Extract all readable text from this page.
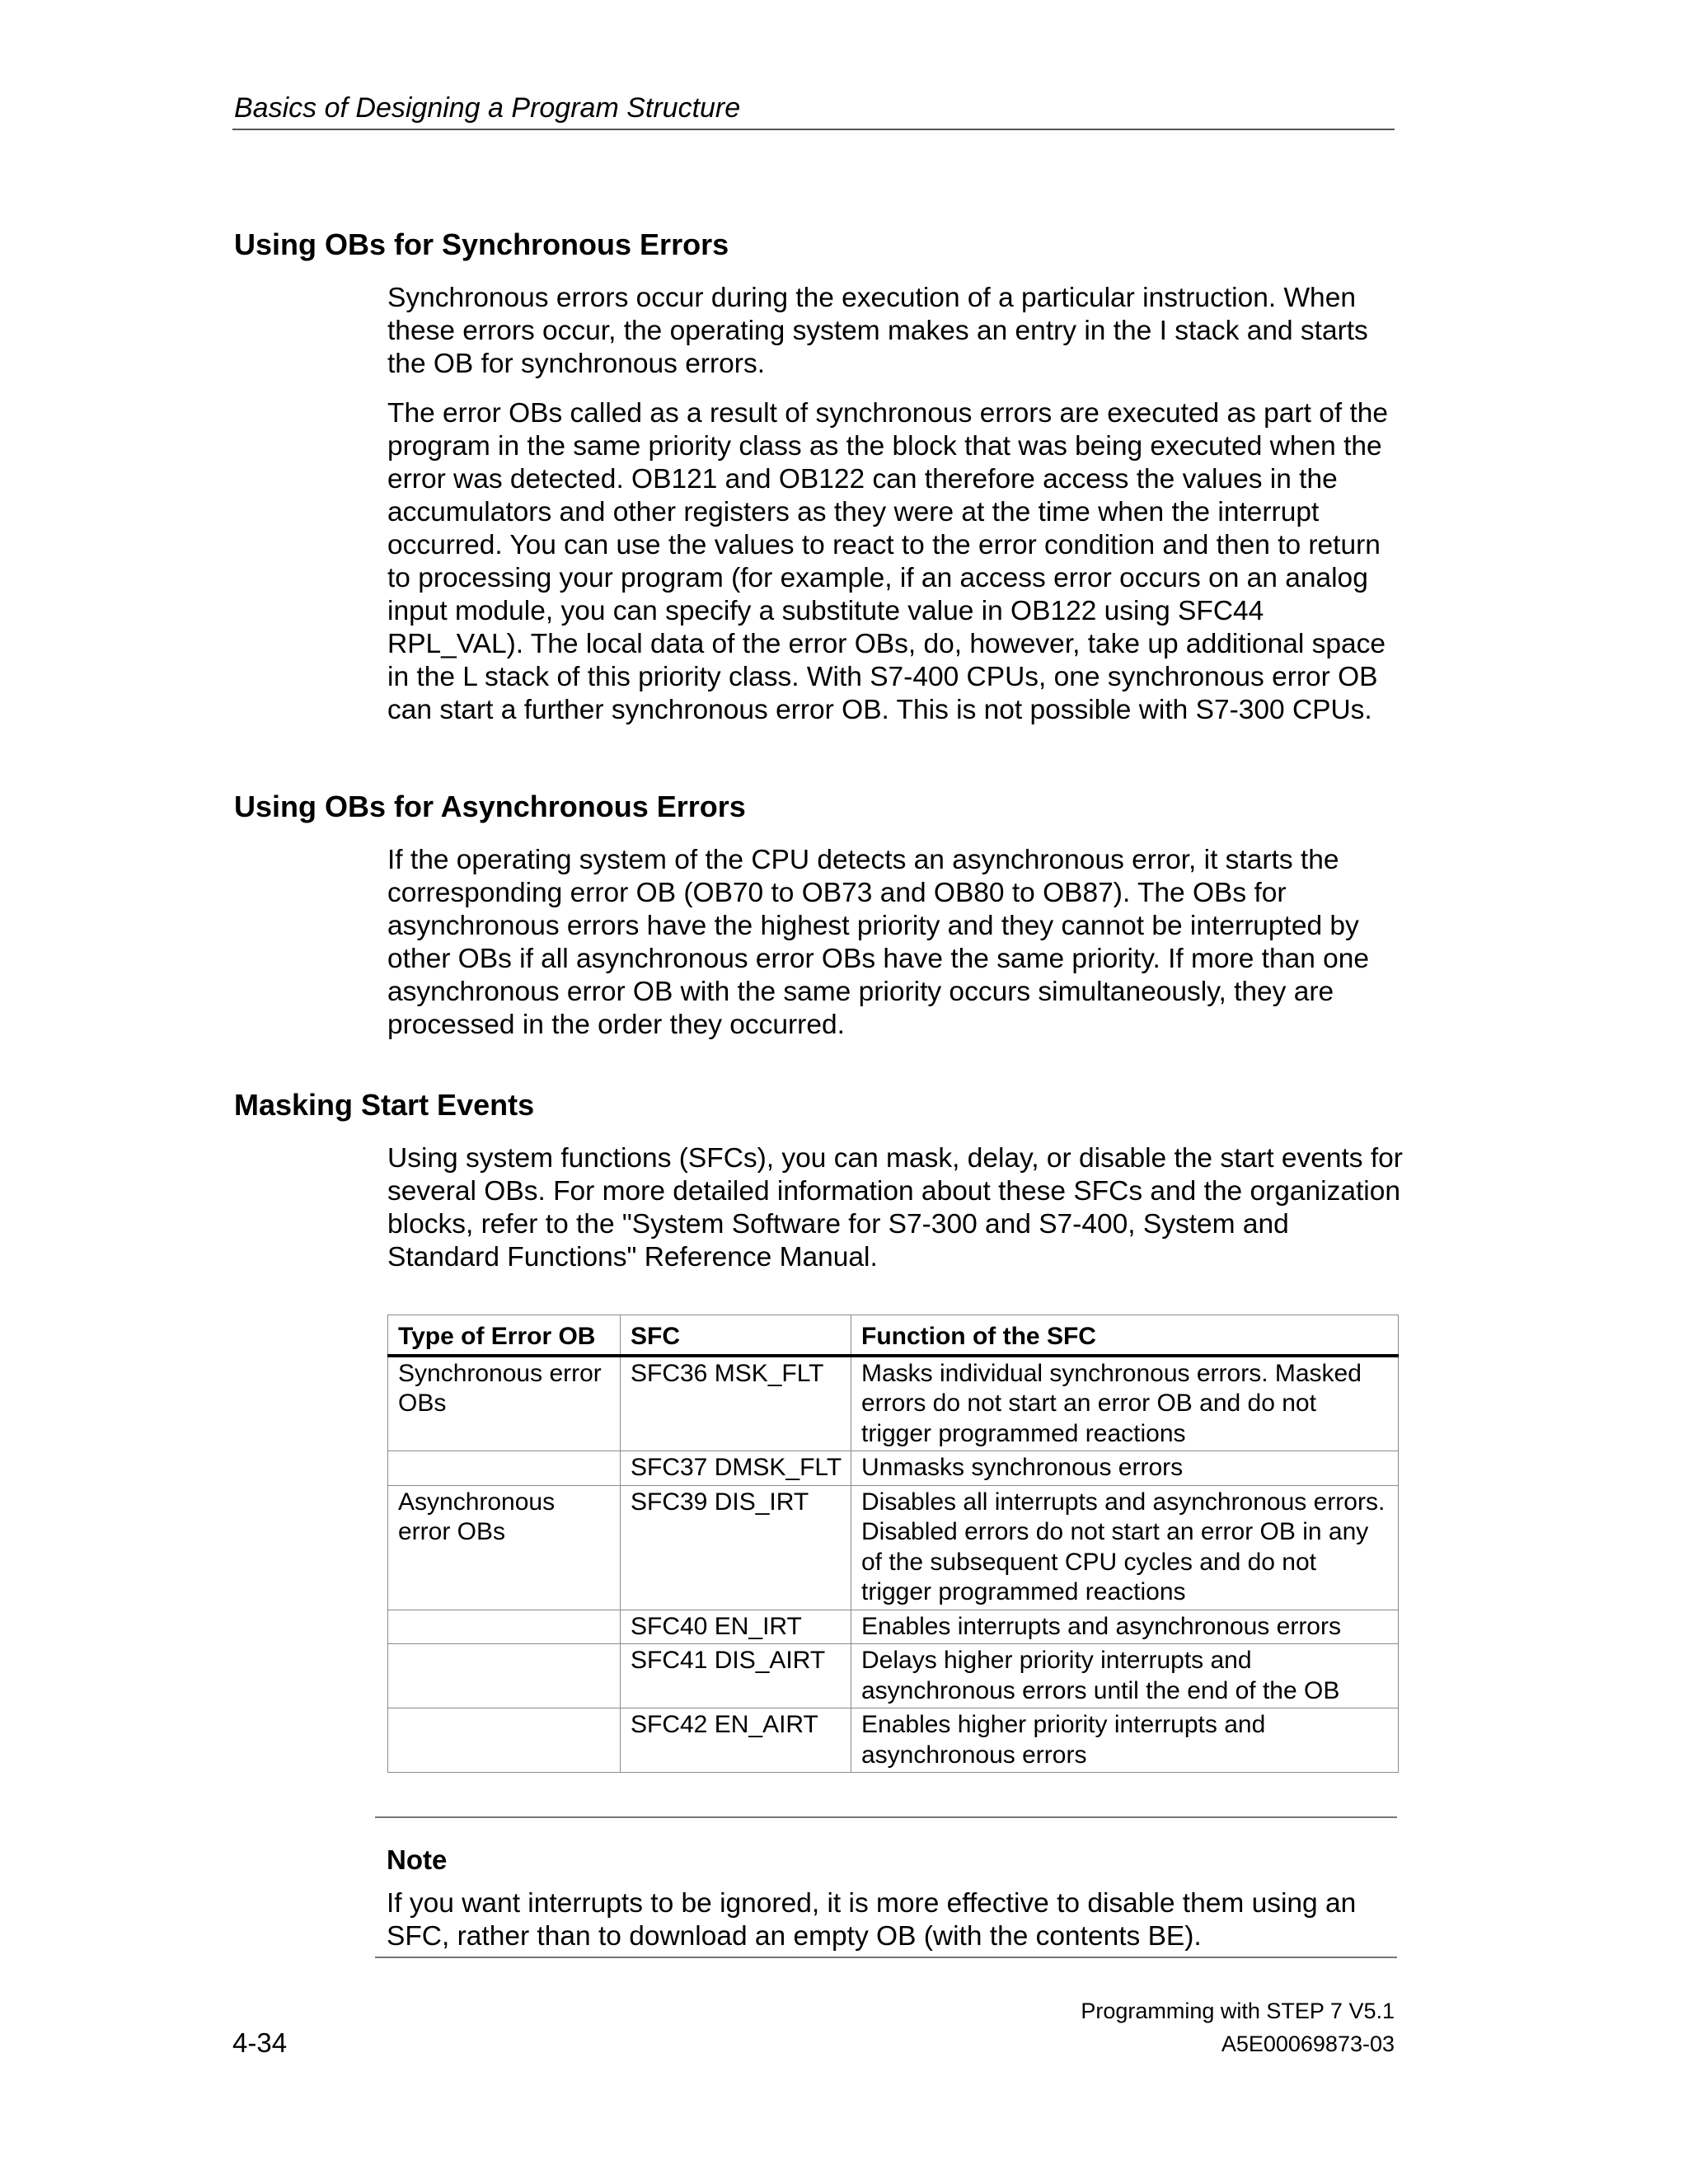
Basics of Designing a Program Structure
Using OBs for Synchronous Errors

Synchronous errors occur during the execution of a particular instruction. When
these errors occur, the operating system makes an entry in the I stack and starts
the OB for synchronous errors.

The error OBs called as a result of synchronous errors are executed as part of the
program in the same priority class as the block that was being executed when the
error was detected. OB121 and OB122 can therefore access the values in the
accumulators and other registers as they were at the time when the interrupt
occurred. You can use the values to react to the error condition and then to return
to processing your program (for example, if an access error occurs on an analog
input module, you can specify a substitute value in OB122 using SFC44
RPL_VAL). The local data of the error OBs, do, however, take up additional space
in the L stack of this priority class. With S7-400 CPUs, one synchronous error OB
can start a further synchronous error OB. This is not possible with S7-300 CPUs.

Using OBs for Asynchronous Errors

If the operating system of the CPU detects an asynchronous error, it starts the
corresponding error OB (OB70 to OB73 and OB80 to OB87). The OBs for
asynchronous errors have the highest priority and they cannot be interrupted by
other OBs if all asynchronous error OBs have the same priority. If more than one
asynchronous error OB with the same priority occurs simultaneously, they are
processed in the order they occurred.

Masking Start Events

Using system functions (SFCs), you can mask, delay, or disable the start events for
several OBs. For more detailed information about these SFCs and the organization
blocks, refer to the "System Software for S7-300 and S7-400, System and
Standard Functions" Reference Manual.

Type of Error OB	SFC	Function of the SFC
Synchronous error
OBs	SFC36 MSK_FLT	Masks individual synchronous errors. Masked
errors do not start an error OB and do not
trigger programmed reactions
	SFC37 DMSK_FLT	Unmasks synchronous errors
Asynchronous
error OBs	SFC39 DIS_IRT	Disables all interrupts and asynchronous errors.
Disabled errors do not start an error OB in any
of the subsequent CPU cycles and do not
trigger programmed reactions
	SFC40 EN_IRT	Enables interrupts and asynchronous errors
	SFC41 DIS_AIRT	Delays higher priority interrupts and
asynchronous errors until the end of the OB
	SFC42 EN_AIRT	Enables higher priority interrupts and
asynchronous errors
Note

If you want interrupts to be ignored, it is more effective to disable them using an
SFC, rather than to download an empty OB (with the contents BE).

4-34
Programming with STEP 7 V5.1
A5E00069873-03
